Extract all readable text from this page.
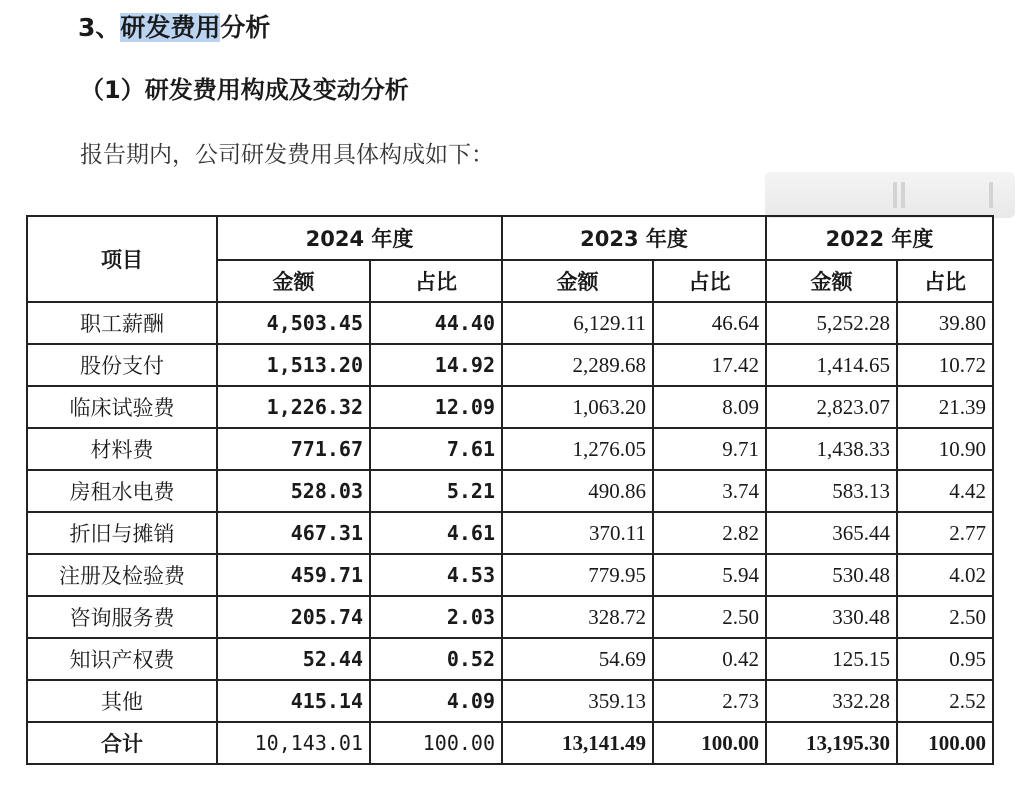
3、研发费用分析
（1）研发费用构成及变动分析
报告期内，公司研发费用具体构成如下：
项目	2024 年度		2023 年度		2022 年度	
	金额	占比	金额	占比	金额	占比
职工薪酬	4,503.45	44.40	6,129.11	46.64	5,252.28	39.80
股份支付	1,513.20	14.92	2,289.68	17.42	1,414.65	10.72
临床试验费	1,226.32	12.09	1,063.20	8.09	2,823.07	21.39
材料费	771.67	7.61	1,276.05	9.71	1,438.33	10.90
房租水电费	528.03	5.21	490.86	3.74	583.13	4.42
折旧与摊销	467.31	4.61	370.11	2.82	365.44	2.77
注册及检验费	459.71	4.53	779.95	5.94	530.48	4.02
咨询服务费	205.74	2.03	328.72	2.50	330.48	2.50
知识产权费	52.44	0.52	54.69	0.42	125.15	0.95
其他	415.14	4.09	359.13	2.73	332.28	2.52
合计	10,143.01	100.00	13,141.49	100.00	13,195.30	100.00
